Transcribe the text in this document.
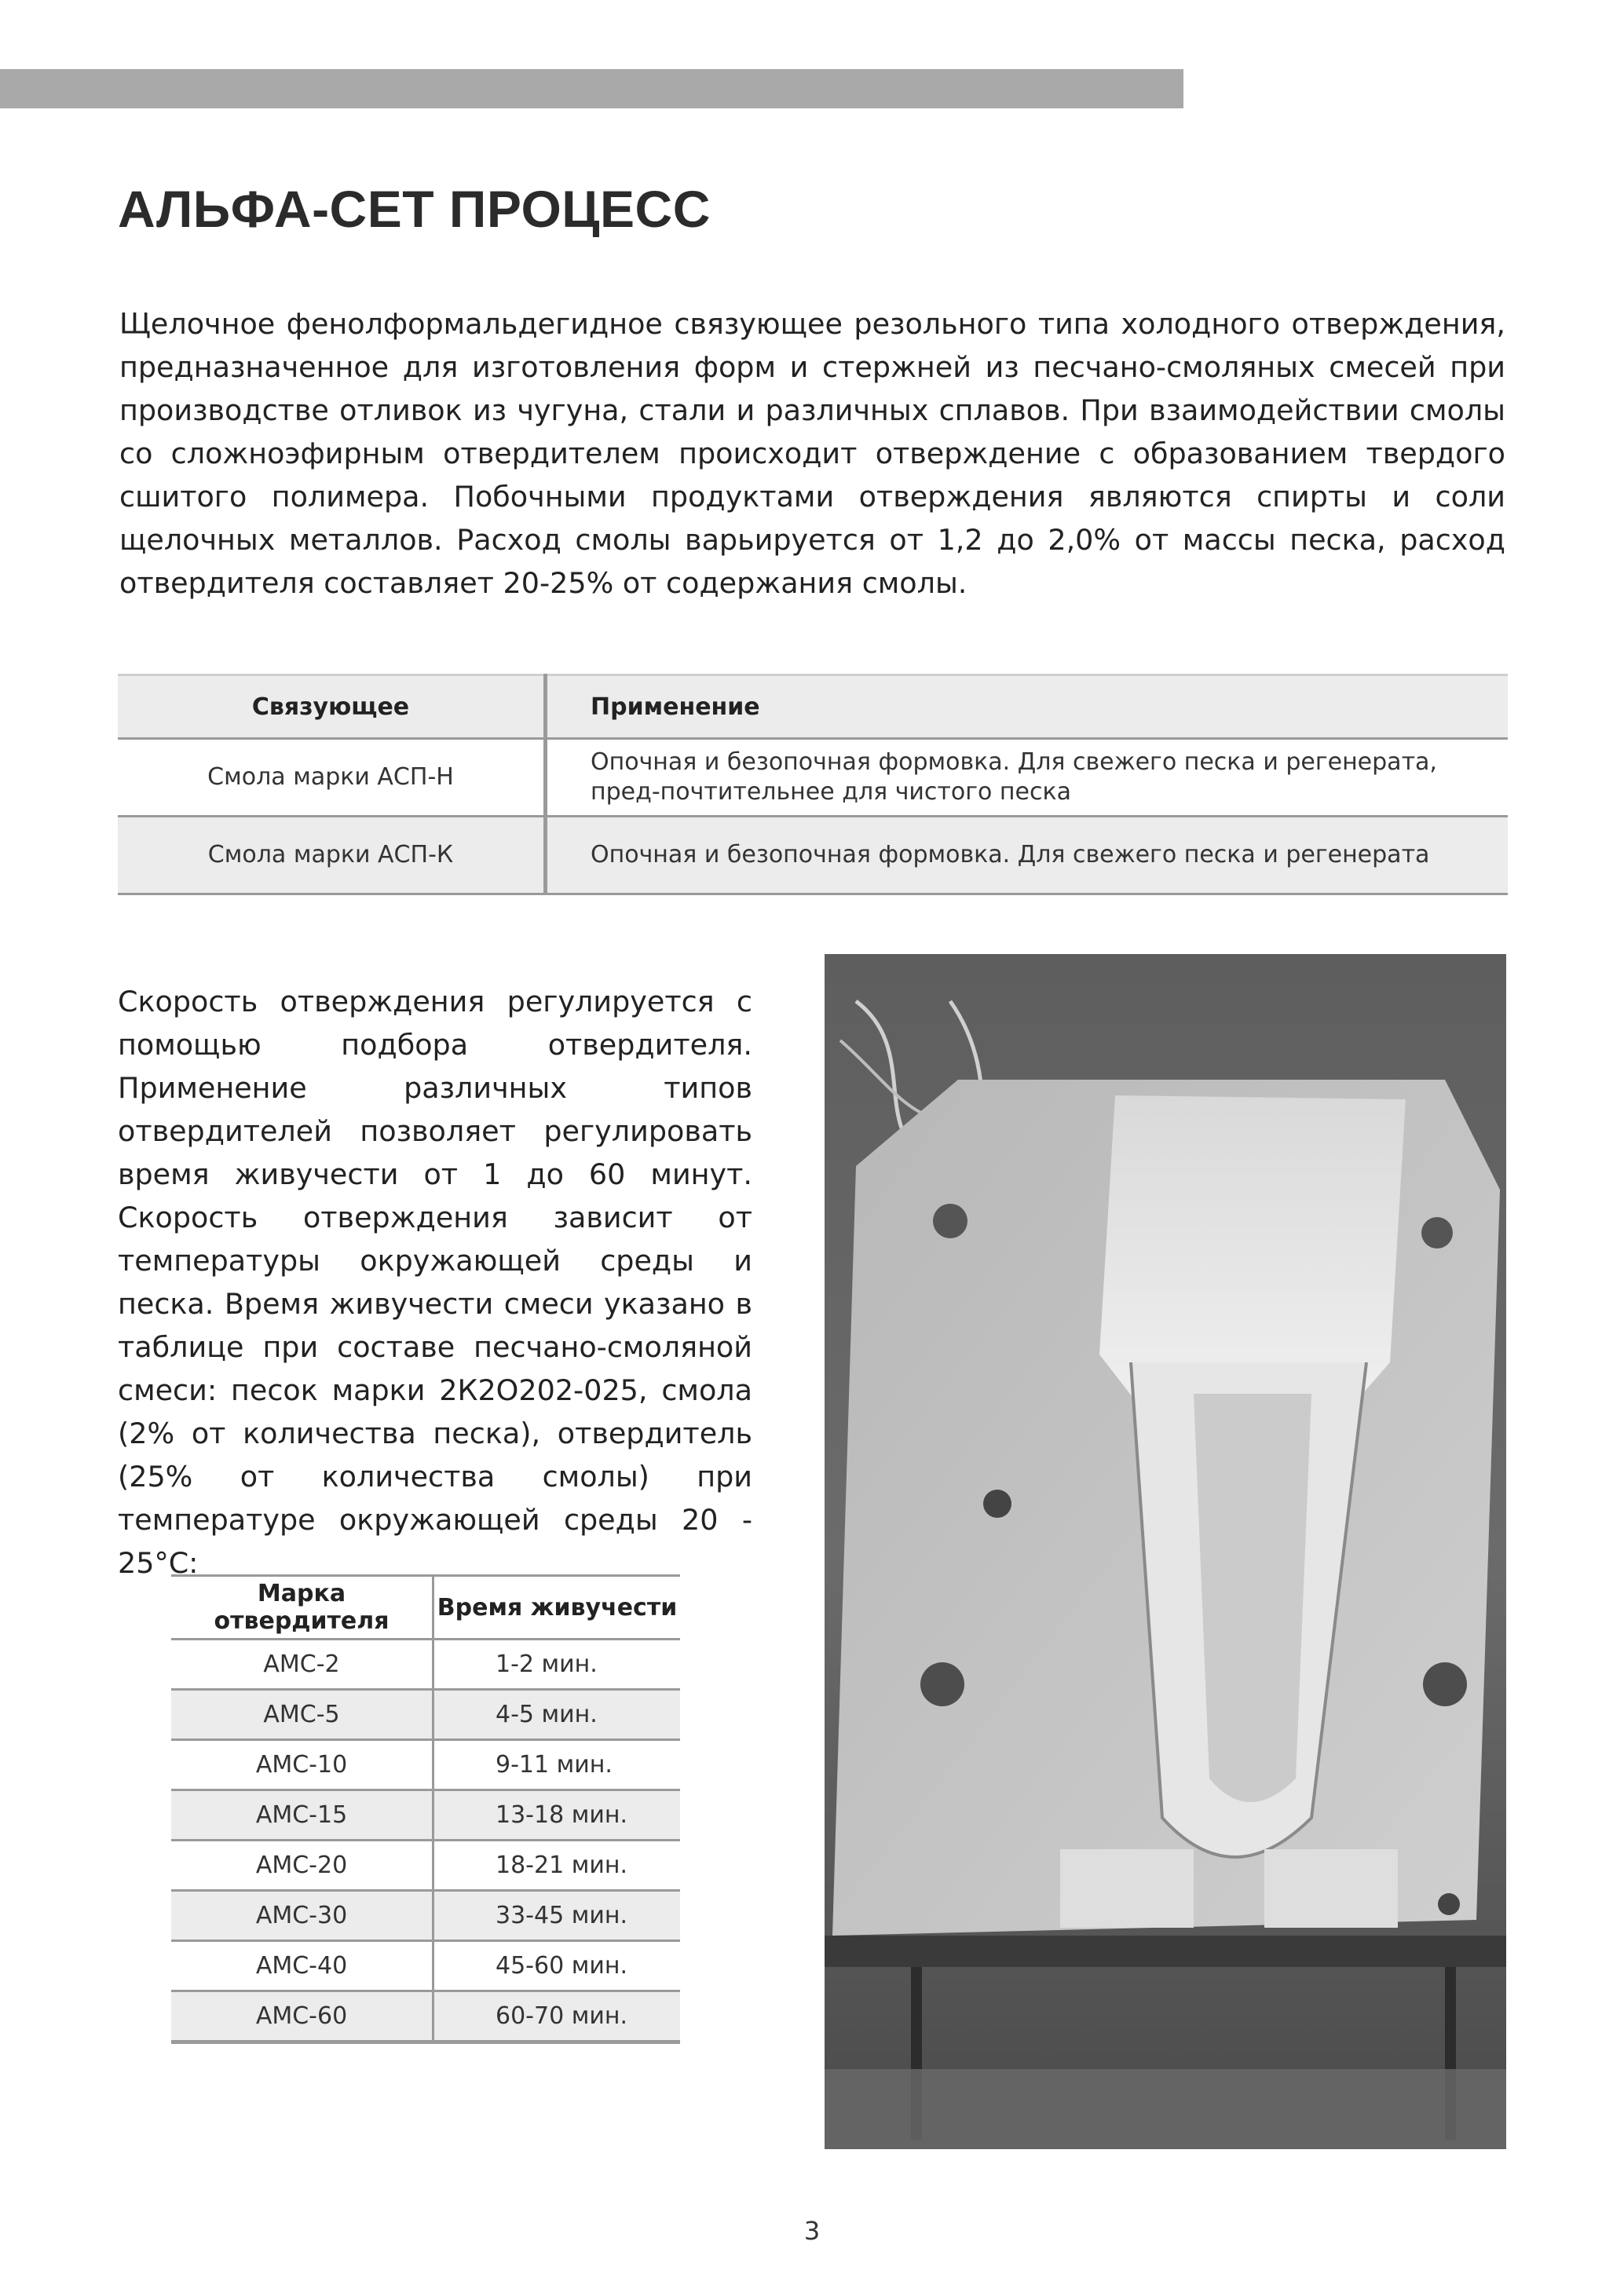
АЛЬФА-СЕТ ПРОЦЕСС

Щелочное фенолформальдегидное связующее резольного типа холодного отверждения, предназначенное для изготовления форм и стержней из песчано-смоляных смесей при производстве отливок из чугуна, стали и различных сплавов. При взаимодействии смолы со сложноэфирным отвердителем происходит отверждение с образованием твердого сшитого полимера. Побочными продуктами отверждения являются спирты и соли щелочных металлов. Расход смолы варьируется от 1,2 до 2,0% от массы песка, расход отвердителя составляет 20-25% от содержания смолы.

Связующее	Применение
Смола марки АСП-Н	Опочная и безопочная формовка. Для свежего песка и регенерата, пред-почтительнее для чистого песка
Смола марки АСП-К	Опочная и безопочная формовка. Для свежего песка и регенерата

Скорость отверждения регулируется с помощью подбора отвердителя. Применение различных типов отвердителей позволяет регулировать время живучести от 1 до 60 минут. Скорость отверждения зависит от температуры окружающей среды и песка. Время живучести смеси указано в таблице при составе песчано-смоляной смеси: песок марки 2К2О202-025, смола (2% от количества песка), отвердитель (25% от количества смолы) при температуре окружающей среды 20 - 25°С:

Марка отвердителя	Время живучести
АМС-2	1-2 мин.
АМС-5	4-5 мин.
АМС-10	9-11 мин.
АМС-15	13-18 мин.
АМС-20	18-21 мин.
АМС-30	33-45 мин.
АМС-40	45-60 мин.
АМС-60	60-70 мин.
3
